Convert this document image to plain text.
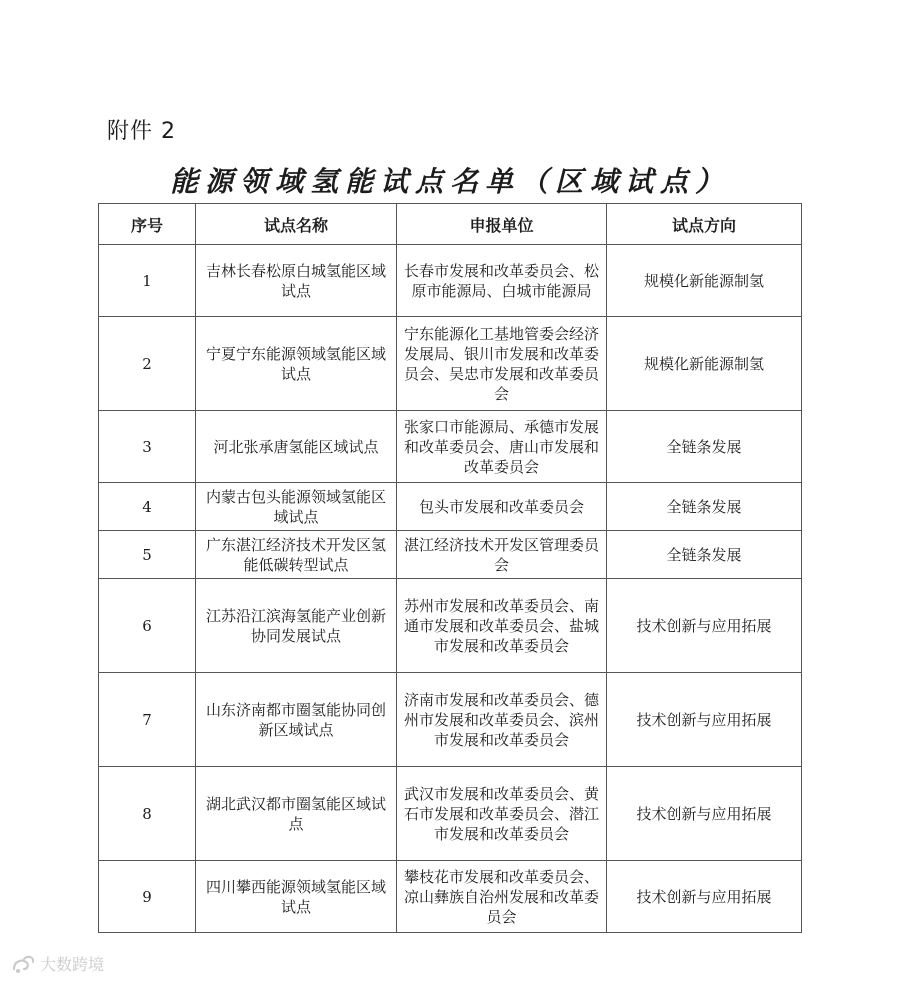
附件 2
能源领域氢能试点名单（区域试点）
序号	试点名称	申报单位	试点方向
1	吉林长春松原白城氢能区域试点	长春市发展和改革委员会、松原市能源局、白城市能源局	规模化新能源制氢
2	宁夏宁东能源领域氢能区域试点	宁东能源化工基地管委会经济发展局、银川市发展和改革委员会、吴忠市发展和改革委员会	规模化新能源制氢
3	河北张承唐氢能区域试点	张家口市能源局、承德市发展和改革委员会、唐山市发展和改革委员会	全链条发展
4	内蒙古包头能源领域氢能区域试点	包头市发展和改革委员会	全链条发展
5	广东湛江经济技术开发区氢能低碳转型试点	湛江经济技术开发区管理委员会	全链条发展
6	江苏沿江滨海氢能产业创新协同发展试点	苏州市发展和改革委员会、南通市发展和改革委员会、盐城市发展和改革委员会	技术创新与应用拓展
7	山东济南都市圈氢能协同创新区域试点	济南市发展和改革委员会、德州市发展和改革委员会、滨州市发展和改革委员会	技术创新与应用拓展
8	湖北武汉都市圈氢能区域试点	武汉市发展和改革委员会、黄石市发展和改革委员会、潜江市发展和改革委员会	技术创新与应用拓展
9	四川攀西能源领域氢能区域试点	攀枝花市发展和改革委员会、凉山彝族自治州发展和改革委员会	技术创新与应用拓展
大数跨境
